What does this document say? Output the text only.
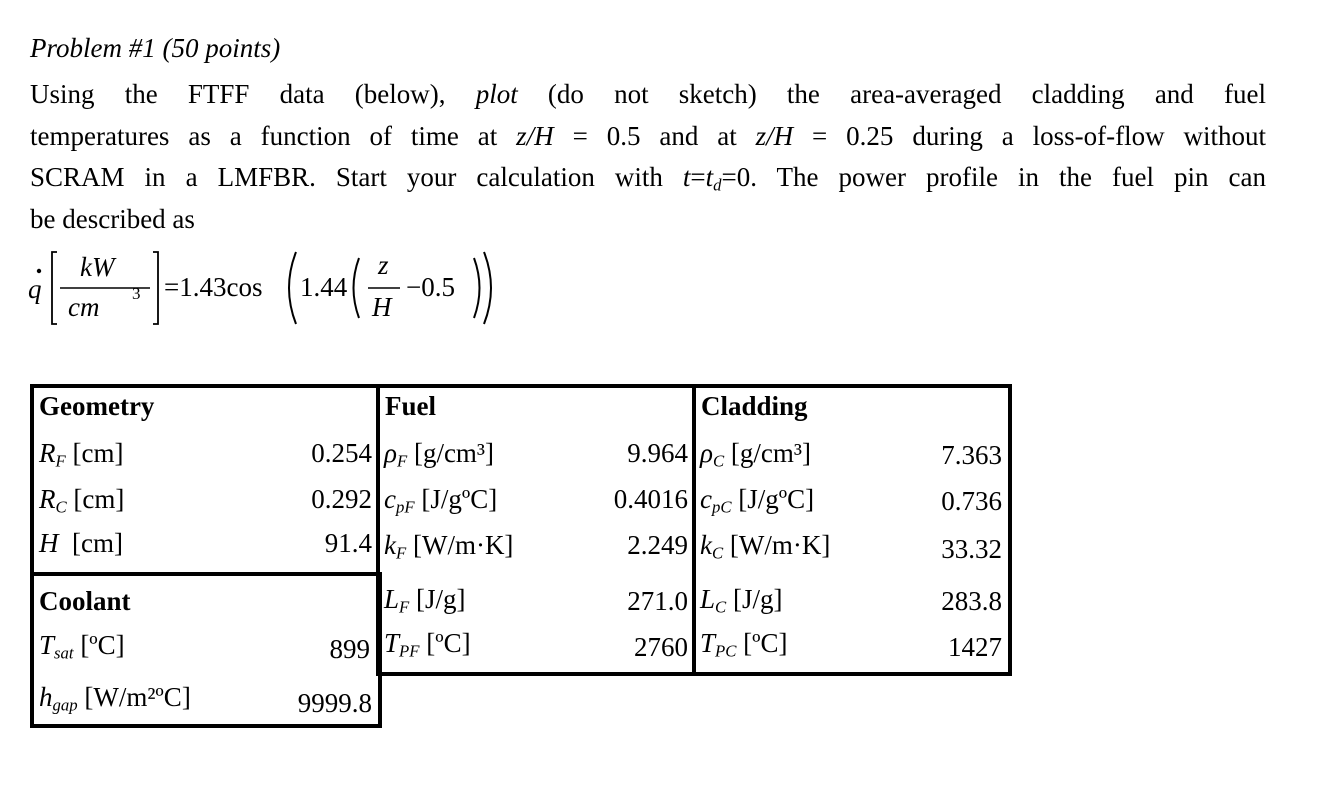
Problem #1 (50 points)
Using the FTFF data (below), plot (do not sketch) the area-averaged cladding and fuel
temperatures as a function of time at z/H = 0.5 and at z/H = 0.25 during a loss-of-flow without
SCRAM in a LMFBR. Start your calculation with $t=t_d=0$. The power profile in the fuel pin can
be described as
q
kW
cm 3 =1.43cos 1.44
z
H
−0.5
Geometry
$R_F$ [cm]	0.254
$R_C$ [cm]	0.292
H  [cm]	91.4
Coolant
$T_{sat}$ [ºC]	899
$h_{gap}$ [W/m²ºC]	9999.8
Fuel
$\rho_F$ [g/cm³]	9.964
$c_{pF}$ [J/gºC]	0.4016
$k_F$ [W/m·K]	2.249
$L_F$ [J/g]	271.0
$T_{PF}$ [ºC]	2760
Cladding
$\rho_C$ [g/cm³]	7.363
$c_{pC}$ [J/gºC]	0.736
$k_C$ [W/m·K]	33.32
$L_C$ [J/g]	283.8
$T_{PC}$ [ºC]	1427
